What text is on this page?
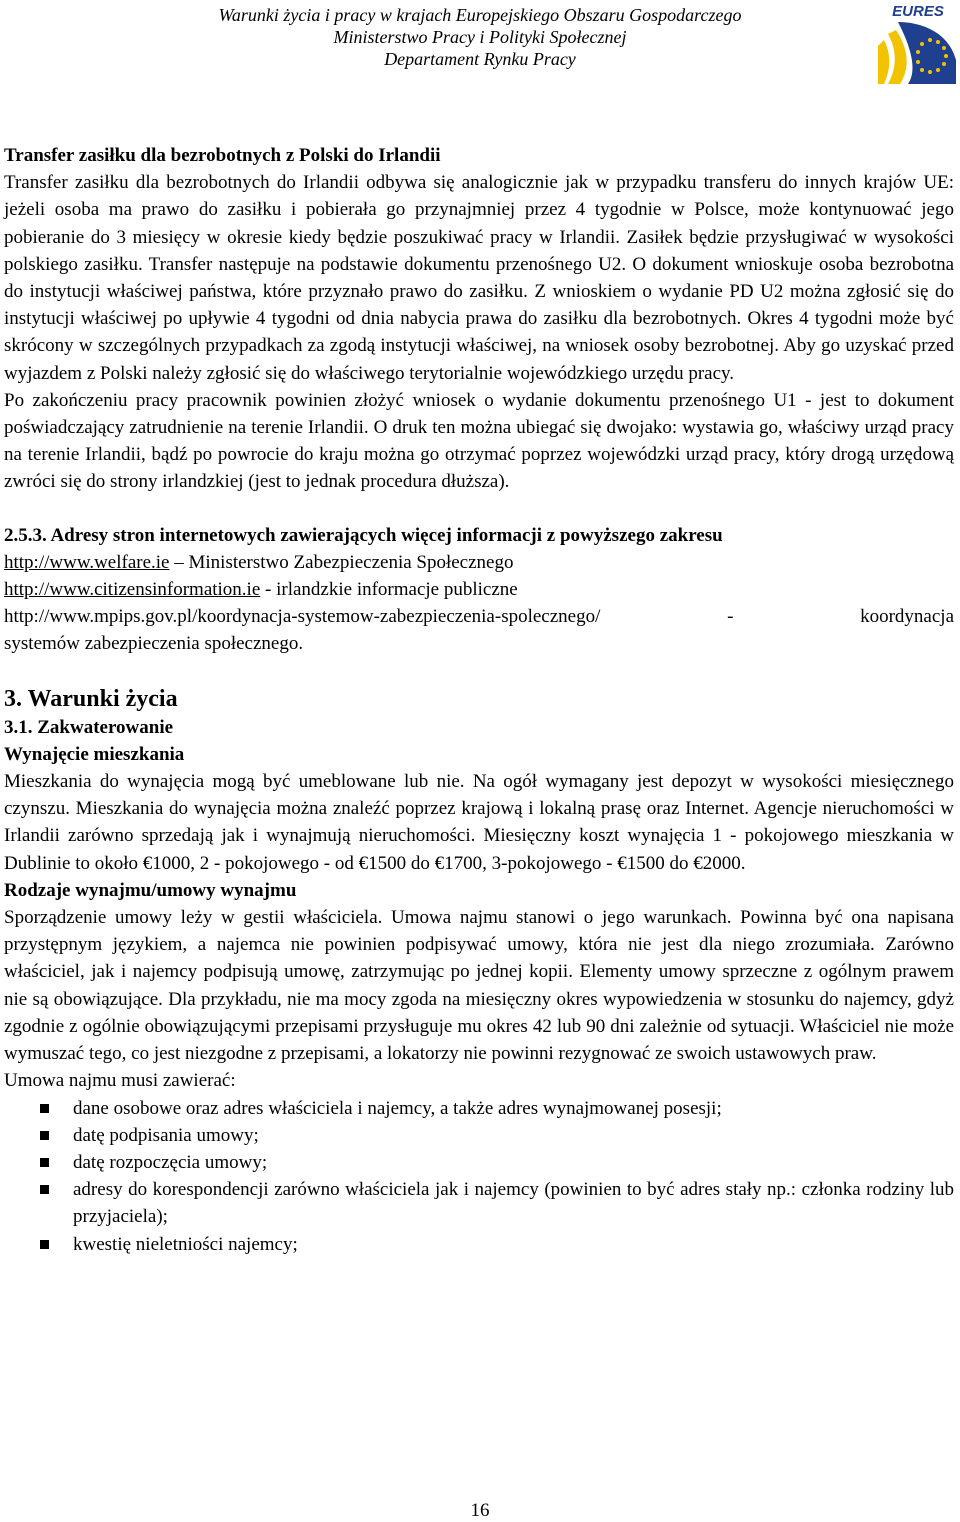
Warunki życia i pracy w krajach Europejskiego Obszaru Gospodarczego
Ministerstwo Pracy i Polityki Społecznej
Departament Rynku Pracy
EURES
Transfer zasiłku dla bezrobotnych z Polski do Irlandii

Transfer zasiłku dla bezrobotnych do Irlandii odbywa się analogicznie jak w przypadku transferu do innych krajów UE: jeżeli osoba ma prawo do zasiłku i pobierała go przynajmniej przez 4 tygodnie w Polsce, może kontynuować jego pobieranie do 3 miesięcy w okresie kiedy będzie poszukiwać pracy w Irlandii. Zasiłek będzie przysługiwać w wysokości polskiego zasiłku. Transfer następuje na podstawie dokumentu przenośnego U2. O dokument wnioskuje osoba bezrobotna do instytucji właściwej państwa, które przyznało prawo do zasiłku. Z wnioskiem o wydanie PD U2 można zgłosić się do instytucji właściwej po upływie 4 tygodni od dnia nabycia prawa do zasiłku dla bezrobotnych. Okres 4 tygodni może być skrócony w szczególnych przypadkach za zgodą instytucji właściwej, na wniosek osoby bezrobotnej. Aby go uzyskać przed wyjazdem z Polski należy zgłosić się do właściwego terytorialnie wojewódzkiego urzędu pracy.

Po zakończeniu pracy pracownik powinien złożyć wniosek o wydanie dokumentu przenośnego U1 - jest to dokument poświadczający zatrudnienie na terenie Irlandii. O druk ten można ubiegać się dwojako: wystawia go, właściwy urząd pracy na terenie Irlandii, bądź po powrocie do kraju można go otrzymać poprzez wojewódzki urząd pracy, który drogą urzędową zwróci się do strony irlandzkiej (jest to jednak procedura dłuższa).

2.5.3. Adresy stron internetowych zawierających więcej informacji z powyższego zakresu
http://www.welfare.ie – Ministerstwo Zabezpieczenia Społecznego
http://www.citizensinformation.ie - irlandzkie informacje publiczne
http://www.mpips.gov.pl/koordynacja-systemow-zabezpieczenia-spolecznego/	-	koordynacja
systemów zabezpieczenia społecznego.
3. Warunki życia
3.1. Zakwaterowanie
Wynajęcie mieszkania

Mieszkania do wynajęcia mogą być umeblowane lub nie. Na ogół wymagany jest depozyt w wysokości miesięcznego czynszu. Mieszkania do wynajęcia można znaleźć poprzez krajową i lokalną prasę oraz Internet. Agencje nieruchomości w Irlandii zarówno sprzedają jak i wynajmują nieruchomości. Miesięczny koszt wynajęcia 1 - pokojowego mieszkania w Dublinie to około €1000, 2 - pokojowego - od €1500 do €1700, 3-pokojowego - €1500 do €2000.

Rodzaje wynajmu/umowy wynajmu

Sporządzenie umowy leży w gestii właściciela. Umowa najmu stanowi o jego warunkach. Powinna być ona napisana przystępnym językiem, a najemca nie powinien podpisywać umowy, która nie jest dla niego zrozumiała. Zarówno właściciel, jak i najemcy podpisują umowę, zatrzymując po jednej kopii. Elementy umowy sprzeczne z ogólnym prawem nie są obowiązujące. Dla przykładu, nie ma mocy zgoda na miesięczny okres wypowiedzenia w stosunku do najemcy, gdyż zgodnie z ogólnie obowiązującymi przepisami przysługuje mu okres 42 lub 90 dni zależnie od sytuacji. Właściciel nie może wymuszać tego, co jest niezgodne z przepisami, a lokatorzy nie powinni rezygnować ze swoich ustawowych praw.

Umowa najmu musi zawierać:
dane osobowe oraz adres właściciela i najemcy, a także adres wynajmowanej posesji;
datę podpisania umowy;
datę rozpoczęcia umowy;
adresy do korespondencji zarówno właściciela jak i najemcy (powinien to być adres stały np.: członka rodziny lub przyjaciela);
kwestię nieletniości najemcy;
16
